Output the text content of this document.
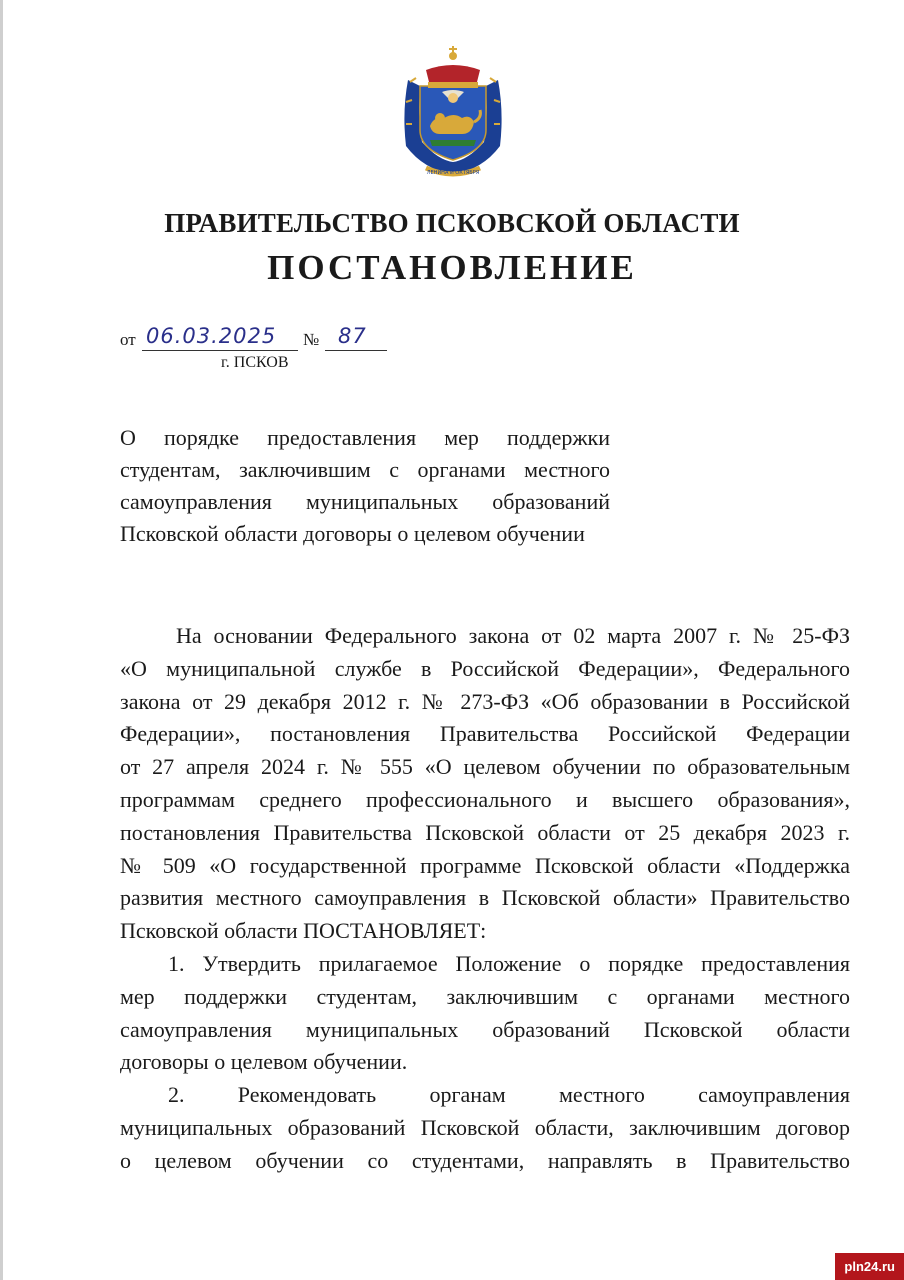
ЛЕНИНА И ОКТЯБРЯ
ПРАВИТЕЛЬСТВО ПСКОВСКОЙ ОБЛАСТИ
ПОСТАНОВЛЕНИЕ
от 06.03.2025 № 87
г. ПСКОВ
О порядке предоставления мер поддержки
студентам, заключившим с органами местного
самоуправления муниципальных образований
Псковской области договоры о целевом обучении
На основании Федерального закона от 02 марта 2007 г. № 25-ФЗ
«О муниципальной службе в Российской Федерации», Федерального
закона от 29 декабря 2012 г. № 273-ФЗ «Об образовании в Российской
Федерации», постановления Правительства Российской Федерации
от 27 апреля 2024 г. № 555 «О целевом обучении по образовательным
программам среднего профессионального и высшего образования»,
постановления Правительства Псковской области от 25 декабря 2023 г.
№ 509 «О государственной программе Псковской области «Поддержка
развития местного самоуправления в Псковской области» Правительство
Псковской области ПОСТАНОВЛЯЕТ:
1. Утвердить прилагаемое Положение о порядке предоставления
мер поддержки студентам, заключившим с органами местного
самоуправления муниципальных образований Псковской области
договоры о целевом обучении.
2. Рекомендовать органам местного самоуправления
муниципальных образований Псковской области, заключившим договор
о целевом обучении со студентами, направлять в Правительство
pln24.ru
